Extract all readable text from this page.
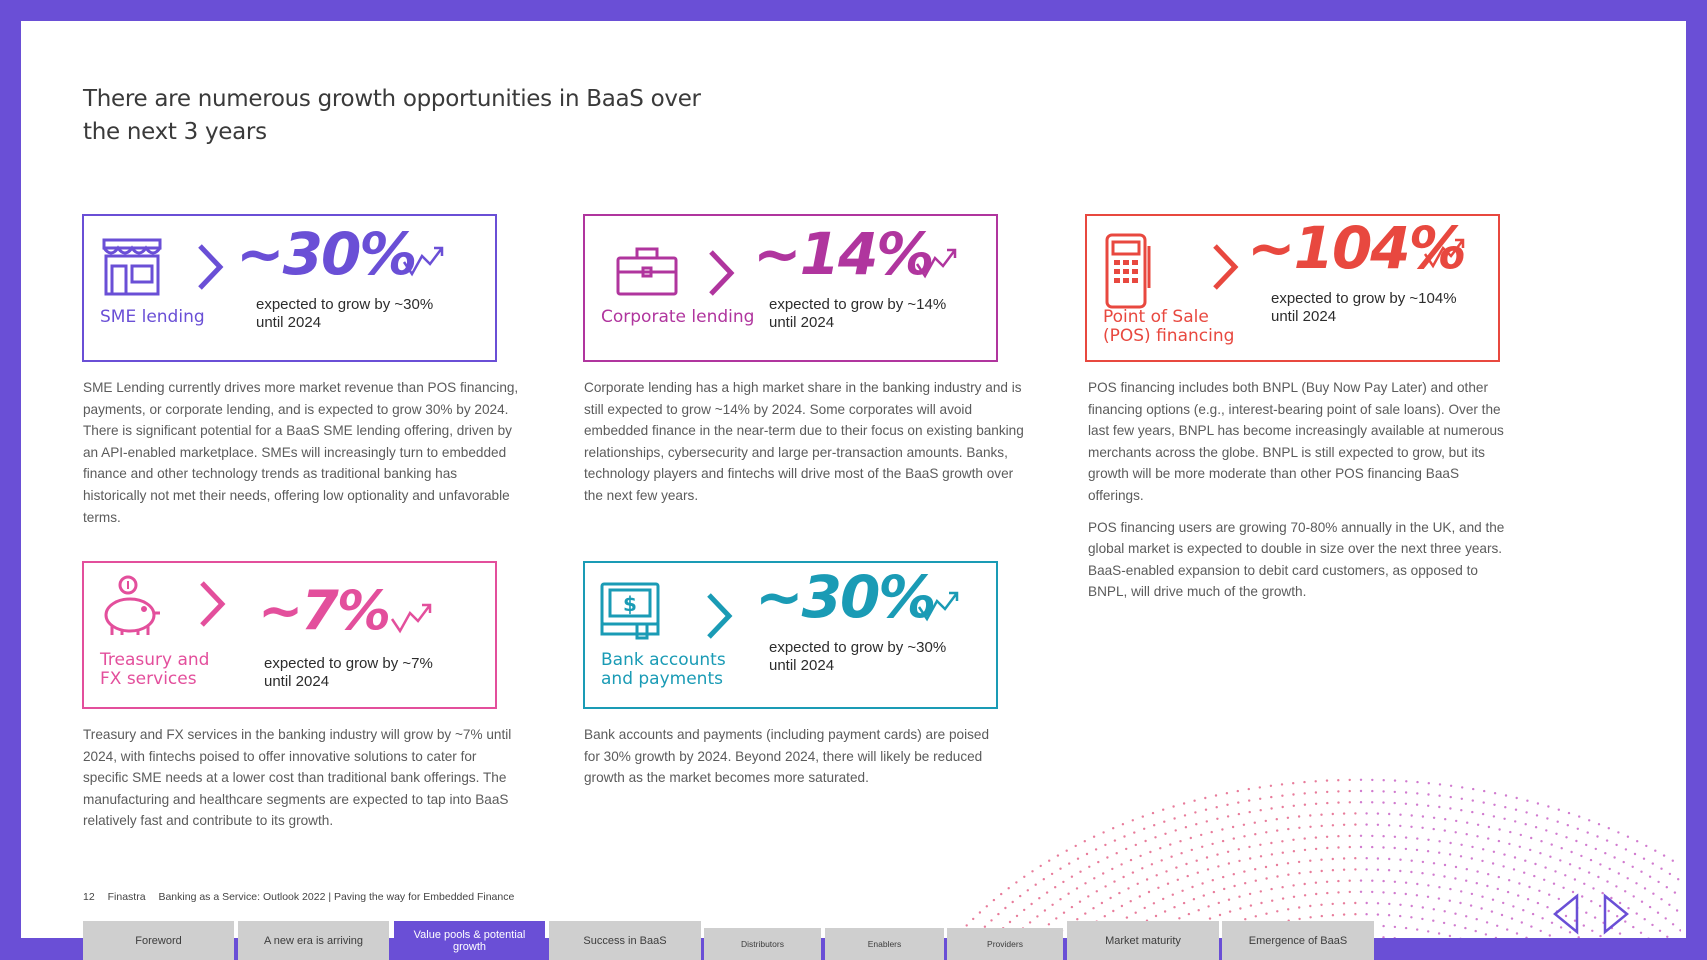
There are numerous growth opportunities in BaaS over the next 3 years
~30%
expected to grow by ~30%
until 2024
SME lending
~14%
expected to grow by ~14%
until 2024
Corporate lending
~104%
expected to grow by ~104%
until 2024
Point of Sale
(POS) financing

SME Lending currently drives more market revenue than POS financing, payments, or corporate lending, and is expected to grow 30% by 2024. There is significant potential for a BaaS SME lending offering, driven by an API-enabled marketplace. SMEs will increasingly turn to embedded finance and other technology trends as traditional banking has historically not met their needs, offering low optionality and unfavorable terms.

Corporate lending has a high market share in the banking industry and is still expected to grow ~14% by 2024. Some corporates will avoid embedded finance in the near-term due to their focus on existing banking relationships, cybersecurity and large per-transaction amounts. Banks, technology players and fintechs will drive most of the BaaS growth over the next few years.

POS financing includes both BNPL (Buy Now Pay Later) and other financing options (e.g., interest-bearing point of sale loans). Over the last few years, BNPL has become increasingly available at numerous merchants across the globe. BNPL is still expected to grow, but its growth will be more moderate than other POS financing BaaS offerings.

POS financing users are growing 70-80% annually in the UK, and the global market is expected to double in size over the next three years. BaaS-enabled expansion to debit card customers, as opposed to BNPL, will drive much of the growth.

~7%
expected to grow by ~7%
until 2024
Treasury and
FX services
$ ~30%
expected to grow by ~30%
until 2024
Bank accounts
and payments

Treasury and FX services in the banking industry will grow by ~7% until 2024, with fintechs poised to offer innovative solutions to cater for specific SME needs at a lower cost than traditional bank offerings. The manufacturing and healthcare segments are expected to tap into BaaS relatively fast and contribute to its growth.

Bank accounts and payments (including payment cards) are poised for 30% growth by 2024. Beyond 2024, there will likely be reduced growth as the market becomes more saturated.

12 Finastra Banking as a Service: Outlook 2022 | Paving the way for Embedded Finance
Foreword	A new era is arriving	Value pools & potential growth	Success in BaaS	Distributors	Enablers	Providers	Market maturity	Emergence of BaaS
